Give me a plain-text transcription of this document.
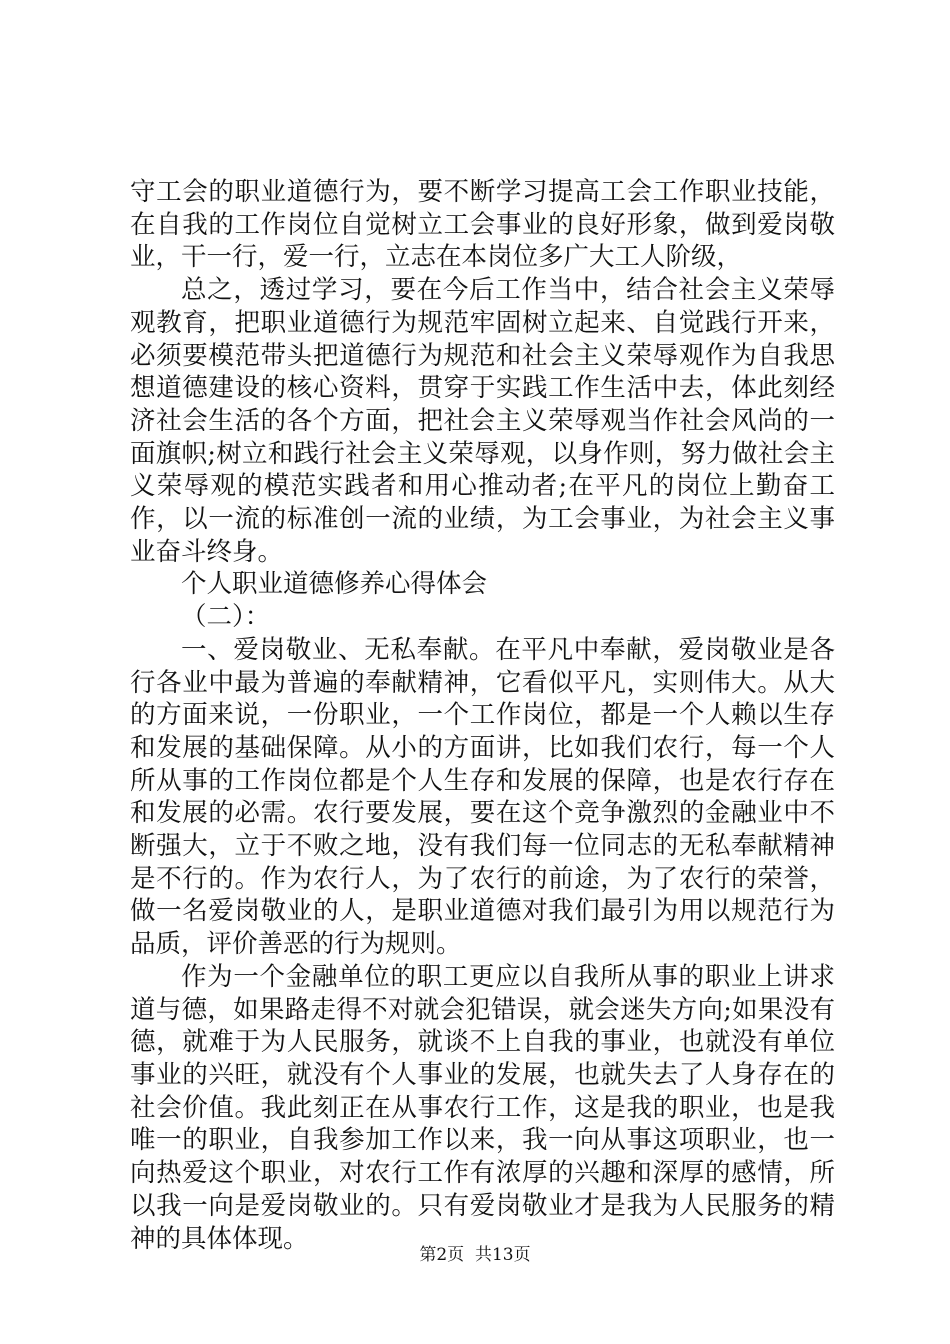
守工会的职业道德行为，要不断学习提高工会工作职业技能，在自我的工作岗位自觉树立工会事业的良好形象，做到爱岗敬业，干一行，爱一行，立志在本岗位多广大工人阶级，

总之，透过学习，要在今后工作当中，结合社会主义荣辱观教育，把职业道德行为规范牢固树立起来、自觉践行开来，必须要模范带头把道德行为规范和社会主义荣辱观作为自我思想道德建设的核心资料，贯穿于实践工作生活中去，体此刻经济社会生活的各个方面，把社会主义荣辱观当作社会风尚的一面旗帜;树立和践行社会主义荣辱观，以身作则，努力做社会主义荣辱观的模范实践者和用心推动者;在平凡的岗位上勤奋工作，以一流的标准创一流的业绩，为工会事业，为社会主义事业奋斗终身。

个人职业道德修养心得体会

（二）：

一、爱岗敬业、无私奉献。在平凡中奉献，爱岗敬业是各行各业中最为普遍的奉献精神，它看似平凡，实则伟大。从大的方面来说，一份职业，一个工作岗位，都是一个人赖以生存和发展的基础保障。从小的方面讲，比如我们农行，每一个人所从事的工作岗位都是个人生存和发展的保障，也是农行存在和发展的必需。农行要发展，要在这个竞争激烈的金融业中不断强大，立于不败之地，没有我们每一位同志的无私奉献精神是不行的。作为农行人，为了农行的前途，为了农行的荣誉，做一名爱岗敬业的人，是职业道德对我们最引为用以规范行为品质，评价善恶的行为规则。

作为一个金融单位的职工更应以自我所从事的职业上讲求道与德，如果路走得不对就会犯错误，就会迷失方向;如果没有德，就难于为人民服务，就谈不上自我的事业，也就没有单位事业的兴旺，就没有个人事业的发展，也就失去了人身存在的社会价值。我此刻正在从事农行工作，这是我的职业，也是我唯一的职业，自我参加工作以来，我一向从事这项职业，也一向热爱这个职业，对农行工作有浓厚的兴趣和深厚的感情，所以我一向是爱岗敬业的。只有爱岗敬业才是我为人民服务的精神的具体体现。

第2页  共13页
